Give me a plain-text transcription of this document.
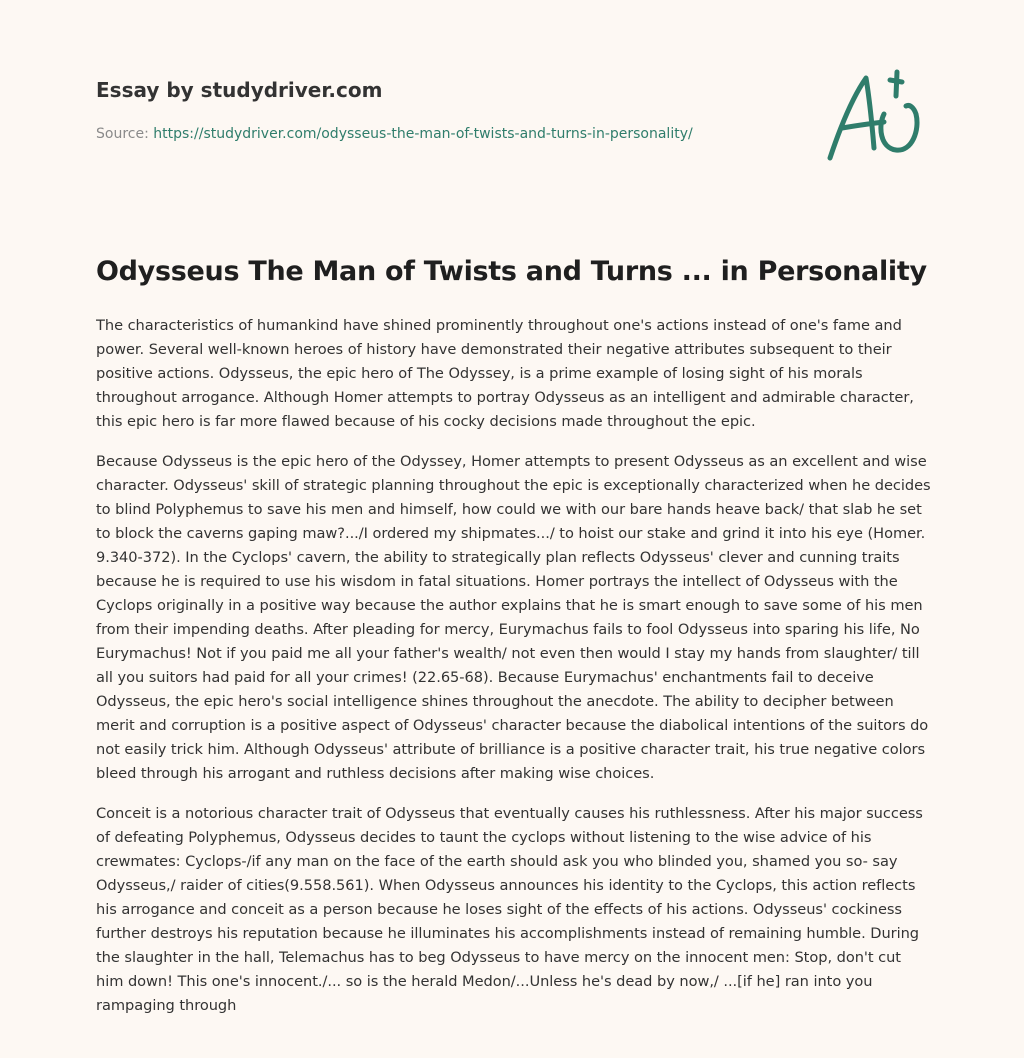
Essay by studydriver.com
Source: https://studydriver.com/odysseus-the-man-of-twists-and-turns-in-personality/
Odysseus The Man of Twists and Turns ... in Personality

The characteristics of humankind have shined prominently throughout one's actions instead of one's fame and power. Several well-known heroes of history have demonstrated their negative attributes subsequent to their positive actions. Odysseus, the epic hero of The Odyssey, is a prime example of losing sight of his morals throughout arrogance. Although Homer attempts to portray Odysseus as an intelligent and admirable character, this epic hero is far more flawed because of his cocky decisions made throughout the epic.

Because Odysseus is the epic hero of the Odyssey, Homer attempts to present Odysseus as an excellent and wise character. Odysseus' skill of strategic planning throughout the epic is exceptionally characterized when he decides to blind Polyphemus to save his men and himself, how could we with our bare hands heave back/ that slab he set to block the caverns gaping maw?.../I ordered my shipmates.../ to hoist our stake and grind it into his eye (Homer. 9.340-372). In the Cyclops' cavern, the ability to strategically plan reflects Odysseus' clever and cunning traits because he is required to use his wisdom in fatal situations. Homer portrays the intellect of Odysseus with the Cyclops originally in a positive way because the author explains that he is smart enough to save some of his men from their impending deaths. After pleading for mercy, Eurymachus fails to fool Odysseus into sparing his life, No Eurymachus! Not if you paid me all your father's wealth/ not even then would I stay my hands from slaughter/ till all you suitors had paid for all your crimes! (22.65-68). Because Eurymachus' enchantments fail to deceive Odysseus, the epic hero's social intelligence shines throughout the anecdote. The ability to decipher between merit and corruption is a positive aspect of Odysseus' character because the diabolical intentions of the suitors do not easily trick him. Although Odysseus' attribute of brilliance is a positive character trait, his true negative colors bleed through his arrogant and ruthless decisions after making wise choices.

Conceit is a notorious character trait of Odysseus that eventually causes his ruthlessness. After his major success of defeating Polyphemus, Odysseus decides to taunt the cyclops without listening to the wise advice of his crewmates: Cyclops-/if any man on the face of the earth should ask you who blinded you, shamed you so- say Odysseus,/ raider of cities(9.558.561). When Odysseus announces his identity to the Cyclops, this action reflects his arrogance and conceit as a person because he loses sight of the effects of his actions. Odysseus' cockiness further destroys his reputation because he illuminates his accomplishments instead of remaining humble. During the slaughter in the hall, Telemachus has to beg Odysseus to have mercy on the innocent men: Stop, don't cut him down! This one's innocent./... so is the herald Medon/...Unless he's dead by now,/ ...[if he] ran into you rampaging through
